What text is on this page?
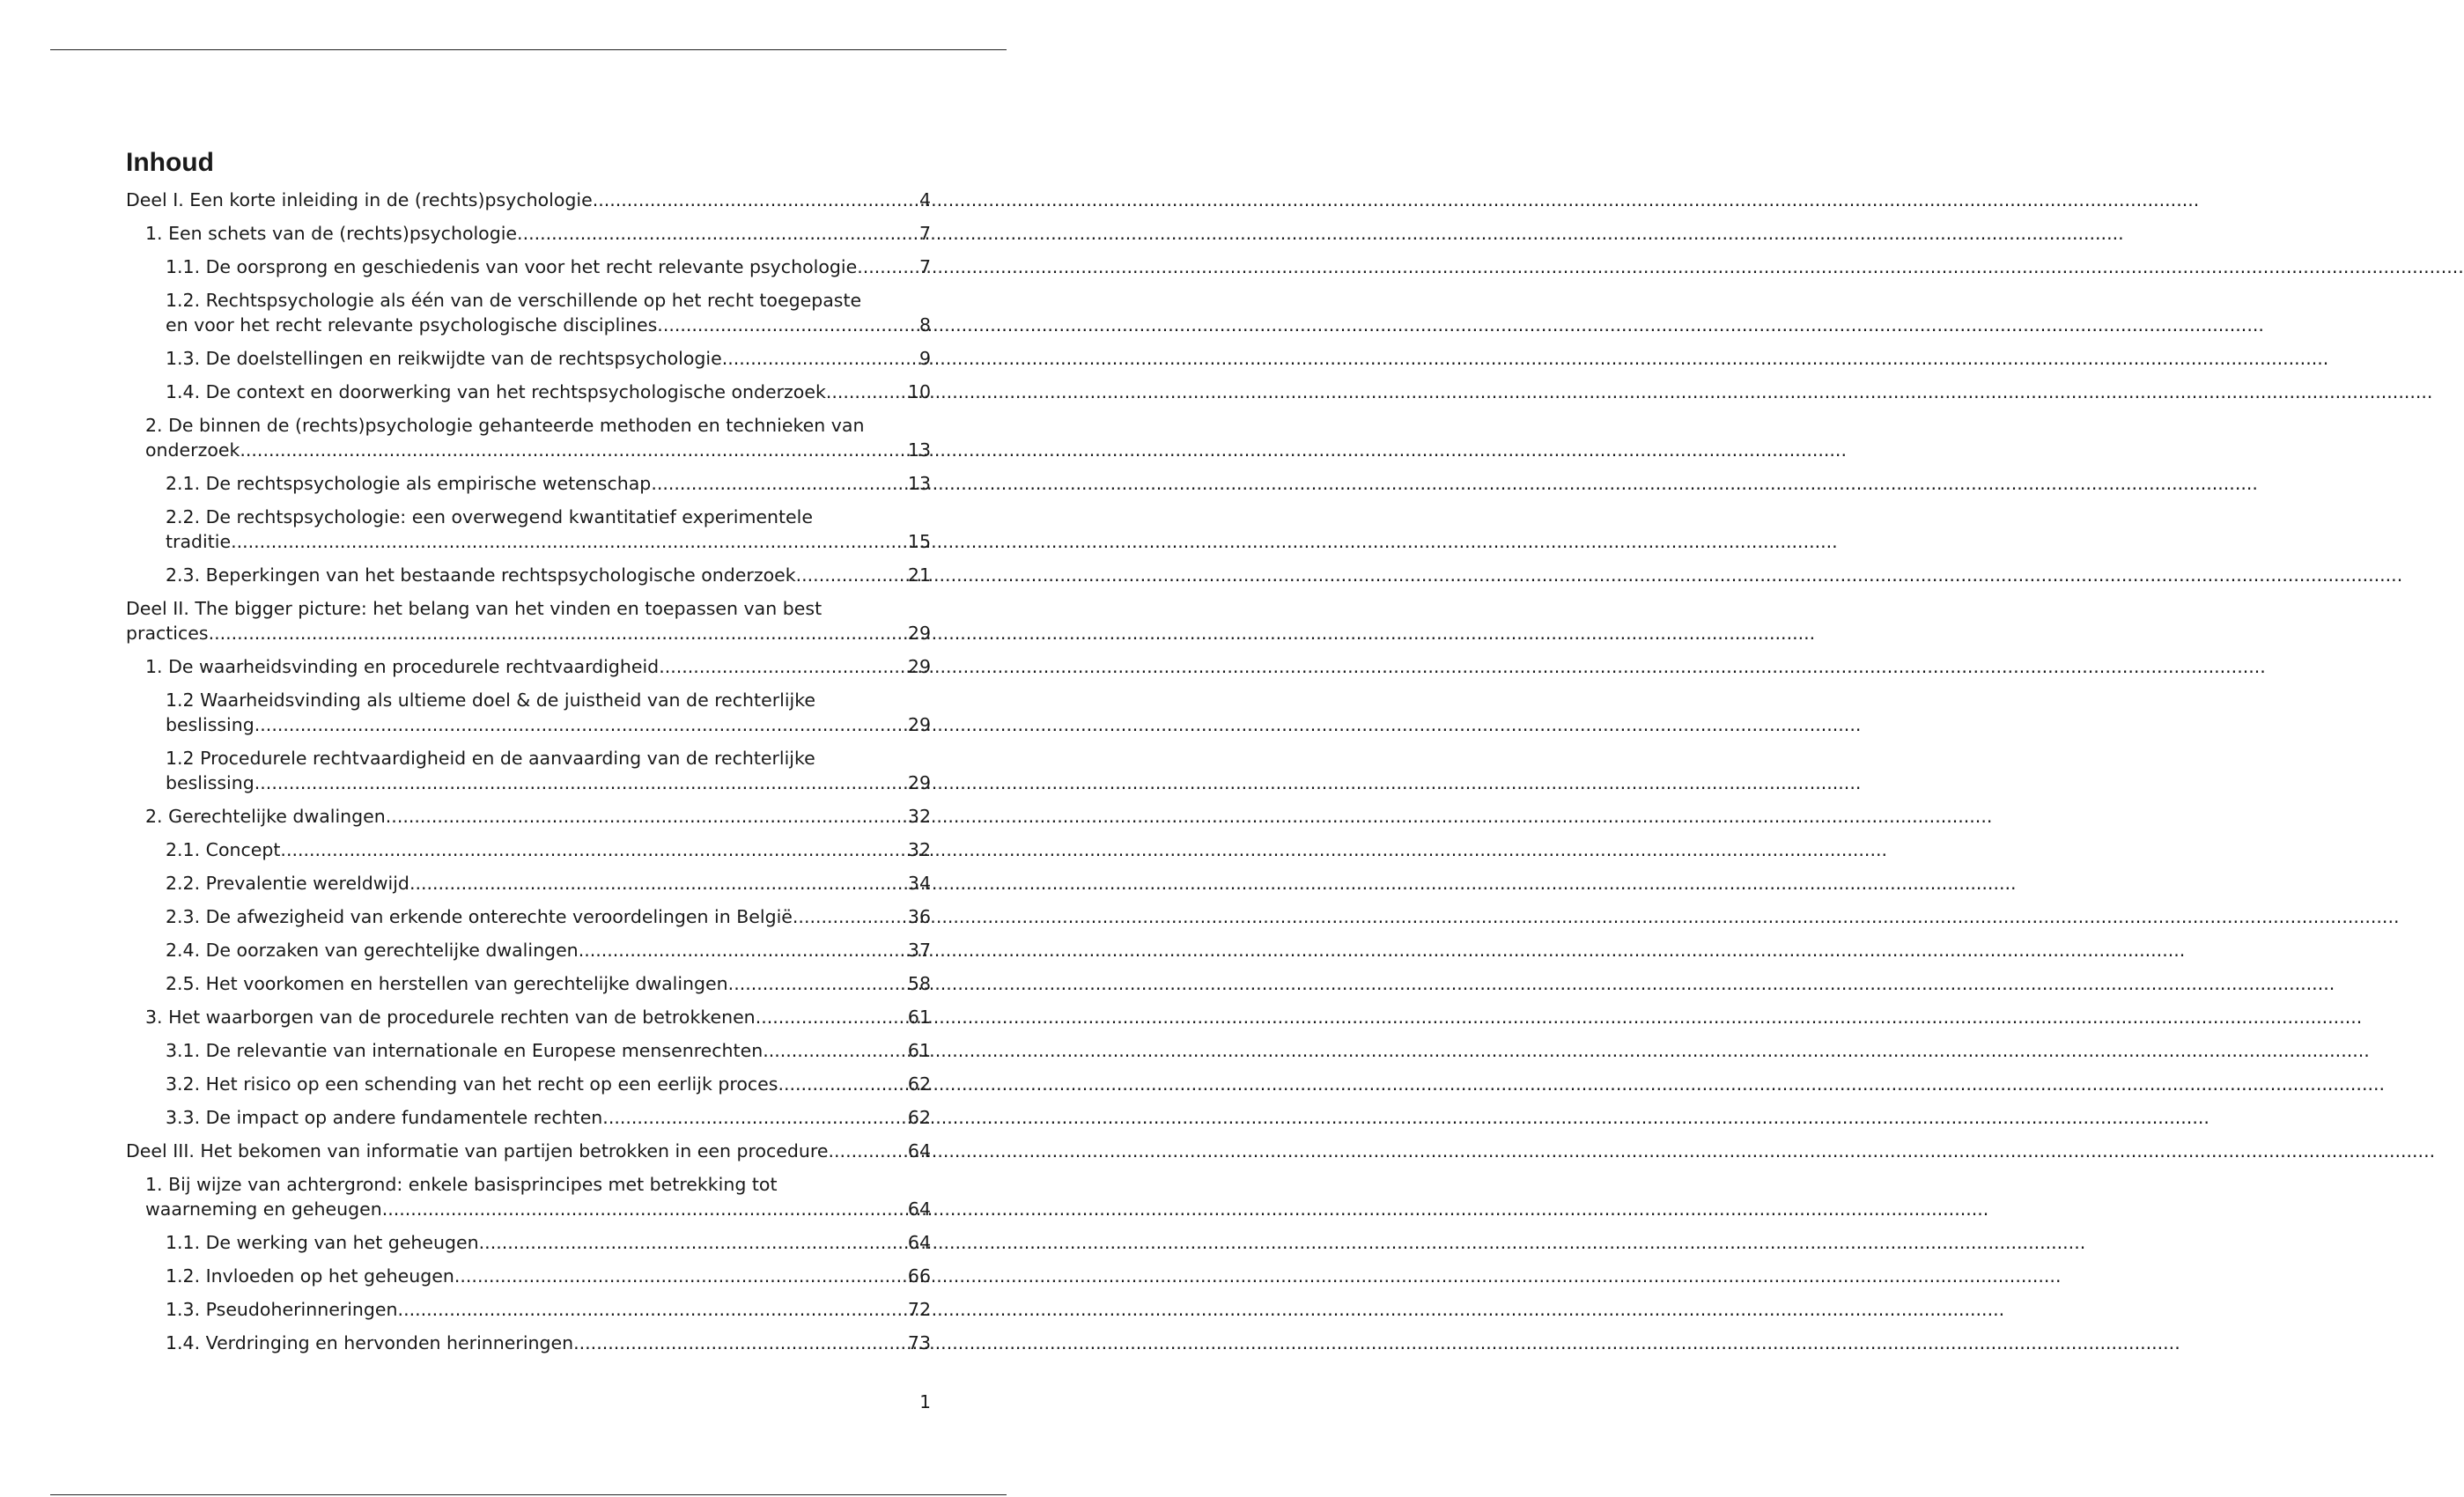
Inhoud
Deel I. Een korte inleiding in de (rechts)psychologie .....	4
1. Een schets van de (rechts)psychologie .....	7
1.1. De oorsprong en geschiedenis van voor het recht relevante psychologie .....	7
1.2. Rechtspsychologie als één van de verschillende op het recht toegepaste
en voor het recht relevante psychologische disciplines .....	8
1.3. De doelstellingen en reikwijdte van de rechtspsychologie .....	9
1.4. De context en doorwerking van het rechtspsychologische onderzoek .....	10
2. De binnen de (rechts)psychologie gehanteerde methoden en technieken van
onderzoek .....	13
2.1. De rechtspsychologie als empirische wetenschap .....	13
2.2. De rechtspsychologie: een overwegend kwantitatief experimentele
traditie .....	15
2.3. Beperkingen van het bestaande rechtspsychologische onderzoek .....	21
Deel II. The bigger picture: het belang van het vinden en toepassen van best
practices .....	29
1. De waarheidsvinding en procedurele rechtvaardigheid .....	29
1.2 Waarheidsvinding als ultieme doel & de juistheid van de rechterlijke
beslissing .....	29
1.2 Procedurele rechtvaardigheid en de aanvaarding van de rechterlijke
beslissing .....	29
2. Gerechtelijke dwalingen .....	32
2.1. Concept .....	32
2.2. Prevalentie wereldwijd .....	34
2.3. De afwezigheid van erkende onterechte veroordelingen in België .....	36
2.4. De oorzaken van gerechtelijke dwalingen .....	37
2.5. Het voorkomen en herstellen van gerechtelijke dwalingen .....	58
3. Het waarborgen van de procedurele rechten van de betrokkenen .....	61
3.1. De relevantie van internationale en Europese mensenrechten .....	61
3.2. Het risico op een schending van het recht op een eerlijk proces .....	62
3.3. De impact op andere fundamentele rechten .....	62
Deel III. Het bekomen van informatie van partijen betrokken in een procedure .....	64
1. Bij wijze van achtergrond: enkele basisprincipes met betrekking tot
waarneming en geheugen .....	64
1.1. De werking van het geheugen .....	64
1.2. Invloeden op het geheugen .....	66
1.3. Pseudoherinneringen .....	72
1.4. Verdringing en hervonden herinneringen .....	73
1
